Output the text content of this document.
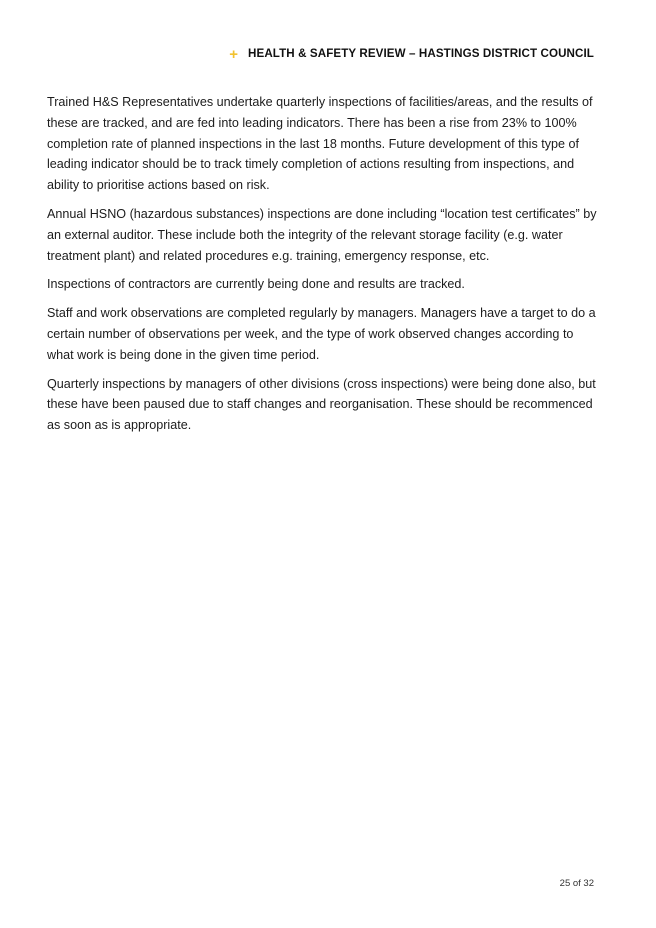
+ HEALTH & SAFETY REVIEW – HASTINGS DISTRICT COUNCIL

Trained H&S Representatives undertake quarterly inspections of facilities/areas, and the results of these are tracked, and are fed into leading indicators. There has been a rise from 23% to 100% completion rate of planned inspections in the last 18 months. Future development of this type of leading indicator should be to track timely completion of actions resulting from inspections, and ability to prioritise actions based on risk.

Annual HSNO (hazardous substances) inspections are done including “location test certificates” by an external auditor. These include both the integrity of the relevant storage facility (e.g. water treatment plant) and related procedures e.g. training, emergency response, etc.

Inspections of contractors are currently being done and results are tracked.

Staff and work observations are completed regularly by managers. Managers have a target to do a certain number of observations per week, and the type of work observed changes according to what work is being done in the given time period.

Quarterly inspections by managers of other divisions (cross inspections) were being done also, but these have been paused due to staff changes and reorganisation. These should be recommenced as soon as is appropriate.

25 of 32
